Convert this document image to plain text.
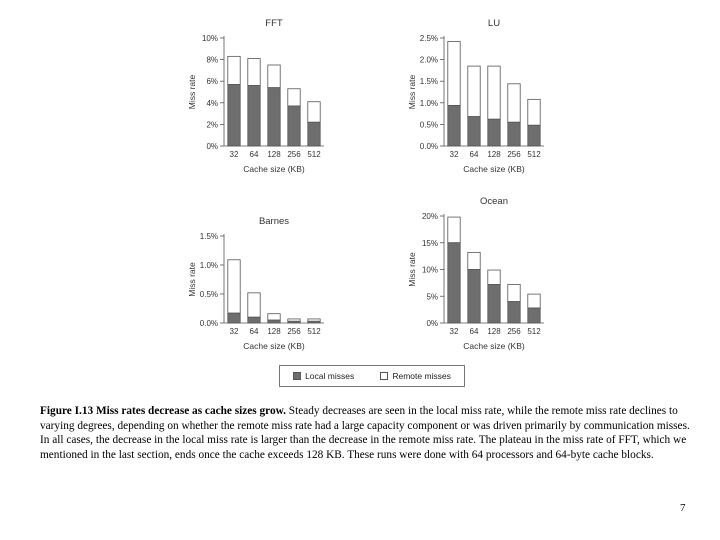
FFT
0%
2%
4%
6%
8%
10%
32 64 128 256 512
Cache size (KB)
Miss rate
LU
0.0%
0.5%
1.0%
1.5%
2.0%
2.5%
32 64 128 256 512
Cache size (KB)
Miss rate
Barnes
0.0%
0.5%
1.0%
1.5%
32 64 128 256 512
Cache size (KB)
Miss rate
Ocean
0%
5%
10%
15%
20%
32 64 128 256 512
Cache size (KB)
Miss rate
Local misses	Remote misses
Figure I.13 Miss rates decrease as cache sizes grow. Steady decreases are seen in the local miss rate, while the remote miss rate declines to varying degrees, depending on whether the remote miss rate had a large capacity component or was driven primarily by communication misses. In all cases, the decrease in the local miss rate is larger than the decrease in the remote miss rate. The plateau in the miss rate of FFT, which we mentioned in the last section, ends once the cache exceeds 128 KB. These runs were done with 64 processors and 64-byte cache blocks.
7
